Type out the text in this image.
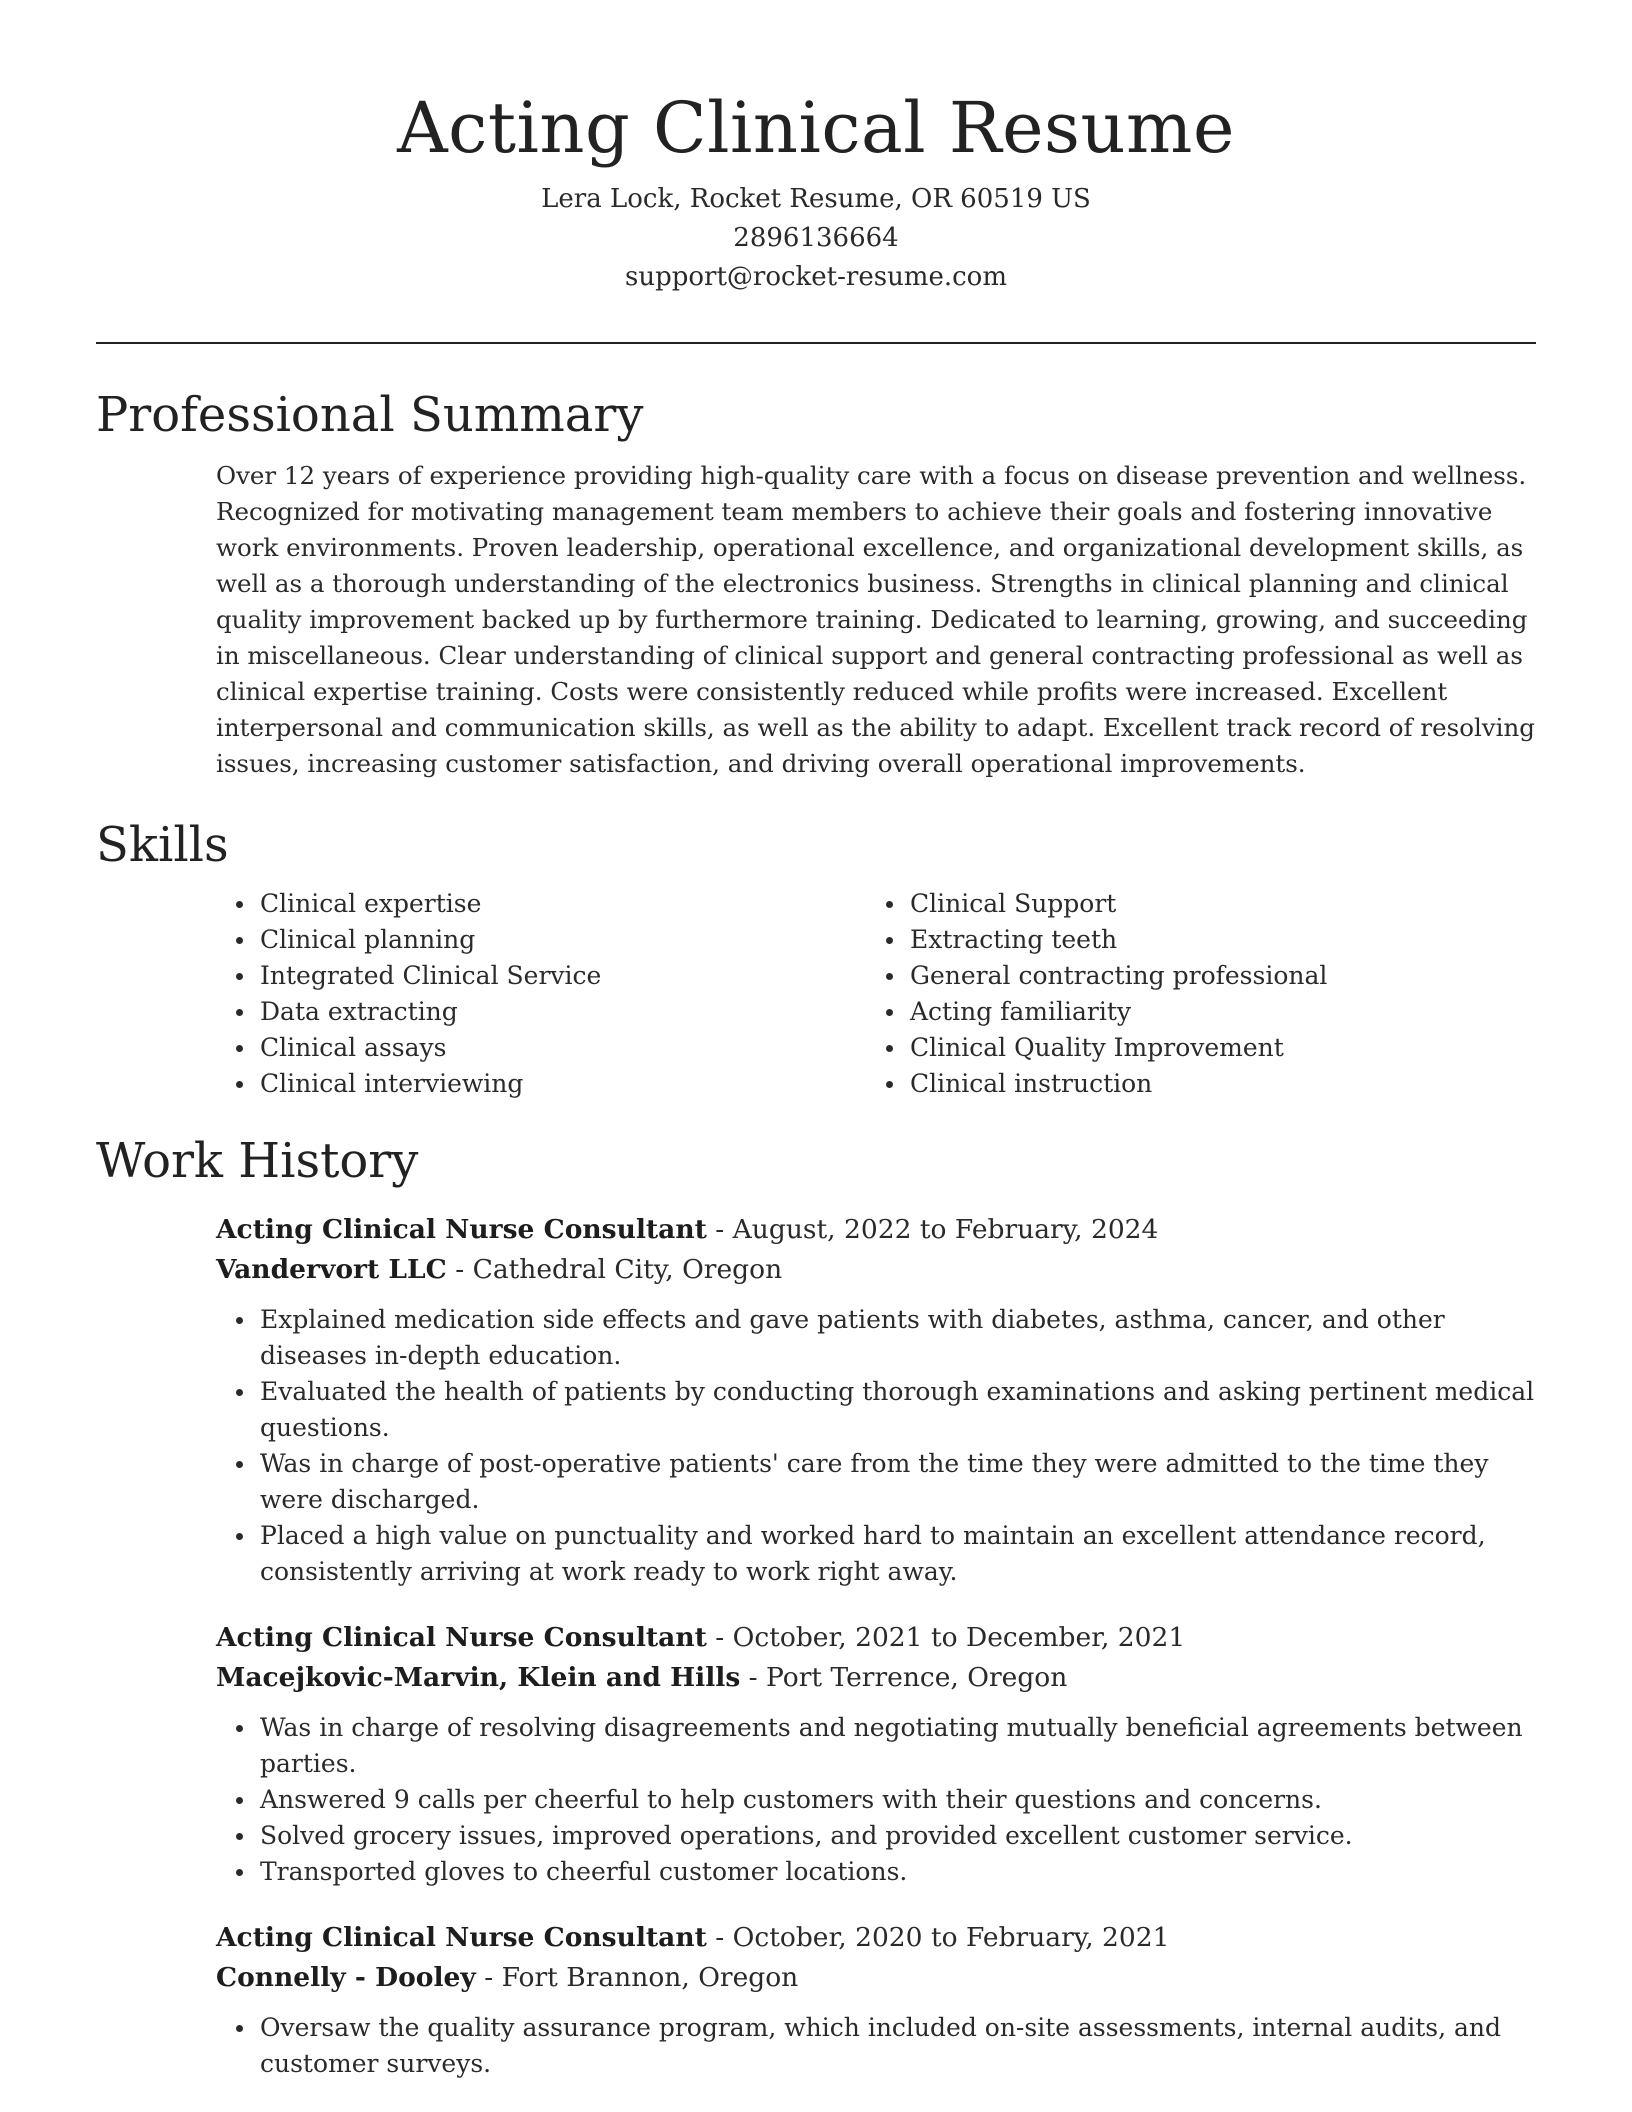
Acting Clinical Resume
Lera Lock, Rocket Resume, OR 60519 US
2896136664
support@rocket-resume.com
Professional Summary

Over 12 years of experience providing high-quality care with a focus on disease prevention and wellness. Recognized for motivating management team members to achieve their goals and fostering innovative work environments. Proven leadership, operational excellence, and organizational development skills, as well as a thorough understanding of the electronics business. Strengths in clinical planning and clinical quality improvement backed up by furthermore training. Dedicated to learning, growing, and succeeding in miscellaneous. Clear understanding of clinical support and general contracting professional as well as clinical expertise training. Costs were consistently reduced while profits were increased. Excellent interpersonal and communication skills, as well as the ability to adapt. Excellent track record of resolving issues, increasing customer satisfaction, and driving overall operational improvements.

Skills
Clinical expertise
Clinical planning
Integrated Clinical Service
Data extracting
Clinical assays
Clinical interviewing
Clinical Support
Extracting teeth
General contracting professional
Acting familiarity
Clinical Quality Improvement
Clinical instruction
Work History
Acting Clinical Nurse Consultant - August, 2022 to February, 2024
Vandervort LLC - Cathedral City, Oregon
Explained medication side effects and gave patients with diabetes, asthma, cancer, and other diseases in-depth education.
Evaluated the health of patients by conducting thorough examinations and asking pertinent medical questions.
Was in charge of post-operative patients' care from the time they were admitted to the time they were discharged.
Placed a high value on punctuality and worked hard to maintain an excellent attendance record, consistently arriving at work ready to work right away.
Acting Clinical Nurse Consultant - October, 2021 to December, 2021
Macejkovic-Marvin, Klein and Hills - Port Terrence, Oregon
Was in charge of resolving disagreements and negotiating mutually beneficial agreements between parties.
Answered 9 calls per cheerful to help customers with their questions and concerns.
Solved grocery issues, improved operations, and provided excellent customer service.
Transported gloves to cheerful customer locations.
Acting Clinical Nurse Consultant - October, 2020 to February, 2021
Connelly - Dooley - Fort Brannon, Oregon
Oversaw the quality assurance program, which included on-site assessments, internal audits, and customer surveys.
